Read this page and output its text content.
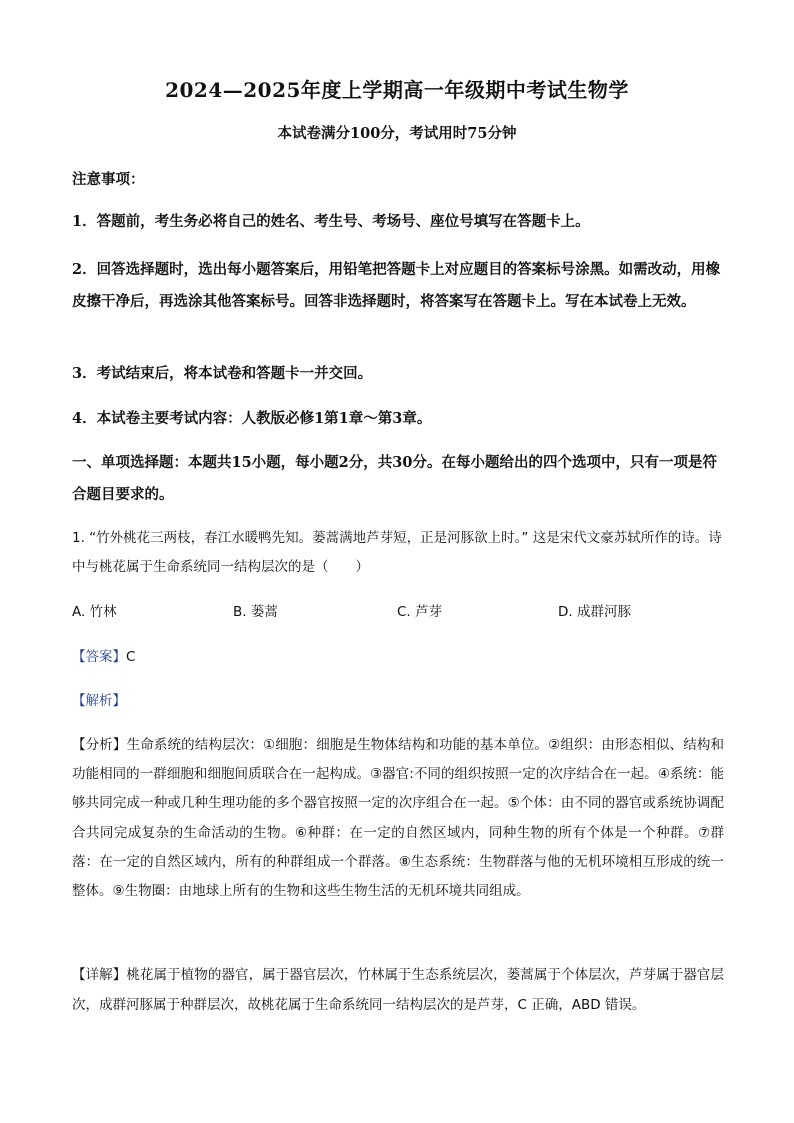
2024—2025年度上学期高一年级期中考试生物学
本试卷满分100分，考试用时75分钟
注意事项：
1．答题前，考生务必将自己的姓名、考生号、考场号、座位号填写在答题卡上。
2．回答选择题时，选出每小题答案后，用铅笔把答题卡上对应题目的答案标号涂黑。如需改动，用橡皮擦干净后，再选涂其他答案标号。回答非选择题时，将答案写在答题卡上。写在本试卷上无效。
3．考试结束后，将本试卷和答题卡一并交回。
4．本试卷主要考试内容：人教版必修1第1章～第3章。
一、单项选择题：本题共15小题，每小题2分，共30分。在每小题给出的四个选项中，只有一项是符合题目要求的。
1. “竹外桃花三两枝，春江水暖鸭先知。蒌蒿满地芦芽短，正是河豚欲上时。” 这是宋代文豪苏轼所作的诗。诗中与桃花属于生命系统同一结构层次的是（　　）
A. 竹林	B. 蒌蒿	C. 芦芽	D. 成群河豚
【答案】C
【解析】
【分析】生命系统的结构层次：①细胞：细胞是生物体结构和功能的基本单位。②组织：由形态相似、结构和功能相同的一群细胞和细胞间质联合在一起构成。③器官:不同的组织按照一定的次序结合在一起。④系统：能够共同完成一种或几种生理功能的多个器官按照一定的次序组合在一起。⑤个体：由不同的器官或系统协调配合共同完成复杂的生命活动的生物。⑥种群：在一定的自然区域内，同种生物的所有个体是一个种群。⑦群落：在一定的自然区域内，所有的种群组成一个群落。⑧生态系统：生物群落与他的无机环境相互形成的统一整体。⑨生物圈：由地球上所有的生物和这些生物生活的无机环境共同组成。
【详解】桃花属于植物的器官，属于器官层次，竹林属于生态系统层次，蒌蒿属于个体层次，芦芽属于器官层次，成群河豚属于种群层次，故桃花属于生命系统同一结构层次的是芦芽，C 正确，ABD 错误。
